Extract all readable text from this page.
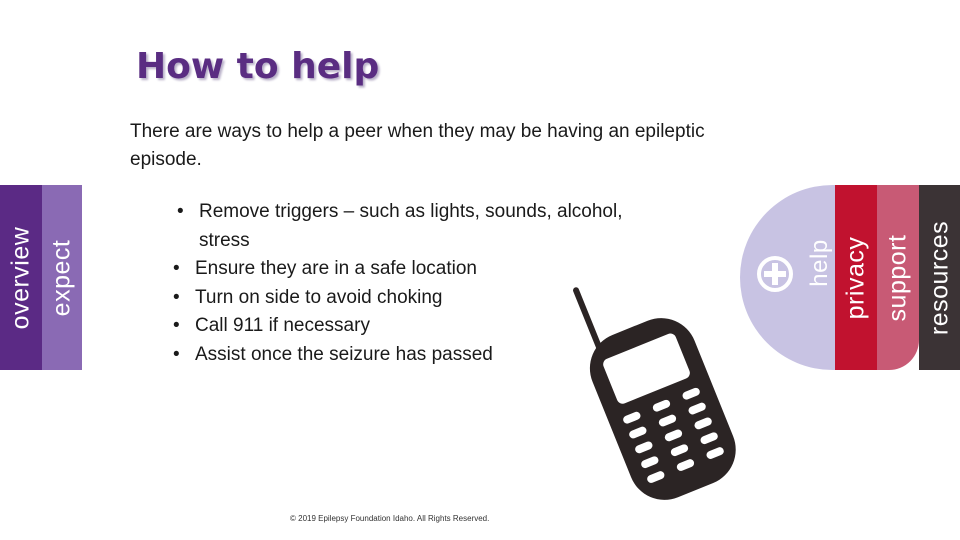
How to help
There are ways to help a peer when they may be having an epileptic episode.
• Remove triggers – such as lights, sounds, alcohol, stress
• Ensure they are in a safe location
• Turn on side to avoid choking
• Call 911 if necessary
• Assist once the seizure has passed
overview expect	help privacy support resources
© 2019 Epilepsy Foundation Idaho. All Rights Reserved.
